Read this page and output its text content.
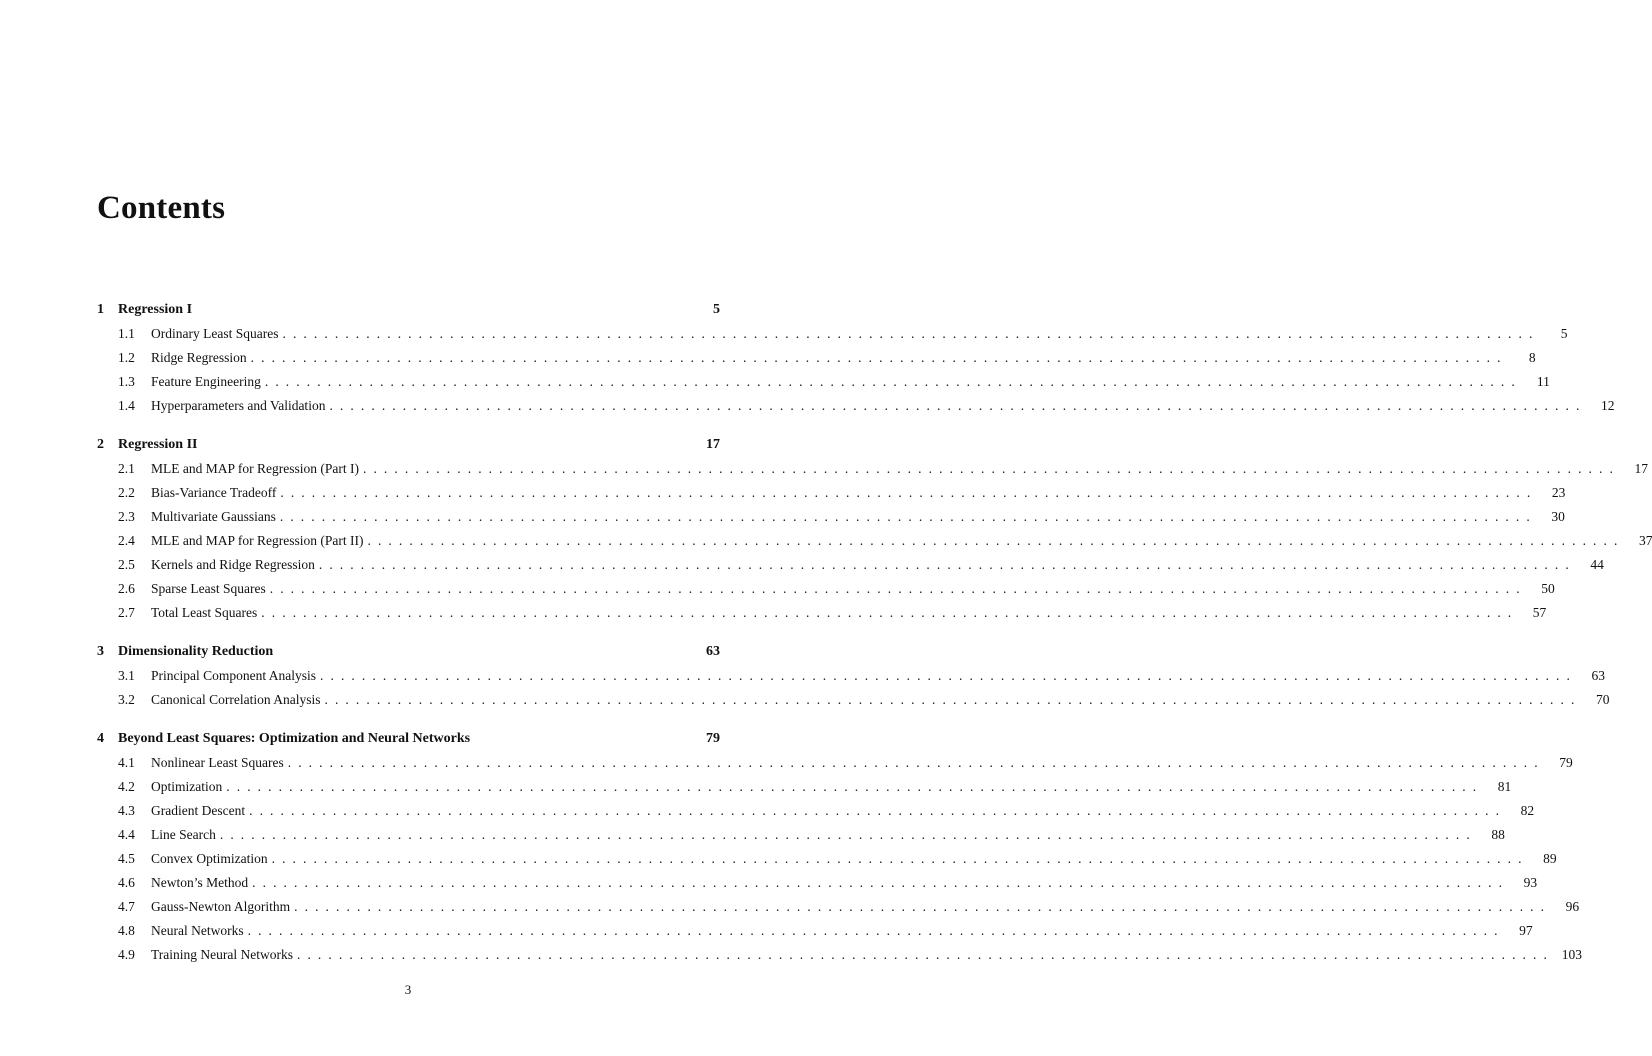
Contents
1	Regression I	5
1.1	Ordinary Least Squares ........................................................................................................................	5
1.2	Ridge Regression ........................................................................................................................	8
1.3	Feature Engineering ........................................................................................................................	11
1.4	Hyperparameters and Validation ........................................................................................................................	12
2	Regression II	17
2.1	MLE and MAP for Regression (Part I) ........................................................................................................................	17
2.2	Bias-Variance Tradeoff ........................................................................................................................	23
2.3	Multivariate Gaussians ........................................................................................................................	30
2.4	MLE and MAP for Regression (Part II) ........................................................................................................................	37
2.5	Kernels and Ridge Regression ........................................................................................................................	44
2.6	Sparse Least Squares ........................................................................................................................	50
2.7	Total Least Squares ........................................................................................................................	57
3	Dimensionality Reduction	63
3.1	Principal Component Analysis ........................................................................................................................	63
3.2	Canonical Correlation Analysis ........................................................................................................................	70
4	Beyond Least Squares: Optimization and Neural Networks	79
4.1	Nonlinear Least Squares ........................................................................................................................	79
4.2	Optimization ........................................................................................................................	81
4.3	Gradient Descent ........................................................................................................................	82
4.4	Line Search ........................................................................................................................	88
4.5	Convex Optimization ........................................................................................................................	89
4.6	Newton’s Method ........................................................................................................................	93
4.7	Gauss-Newton Algorithm ........................................................................................................................	96
4.8	Neural Networks ........................................................................................................................	97
4.9	Training Neural Networks ........................................................................................................................ 103
3
